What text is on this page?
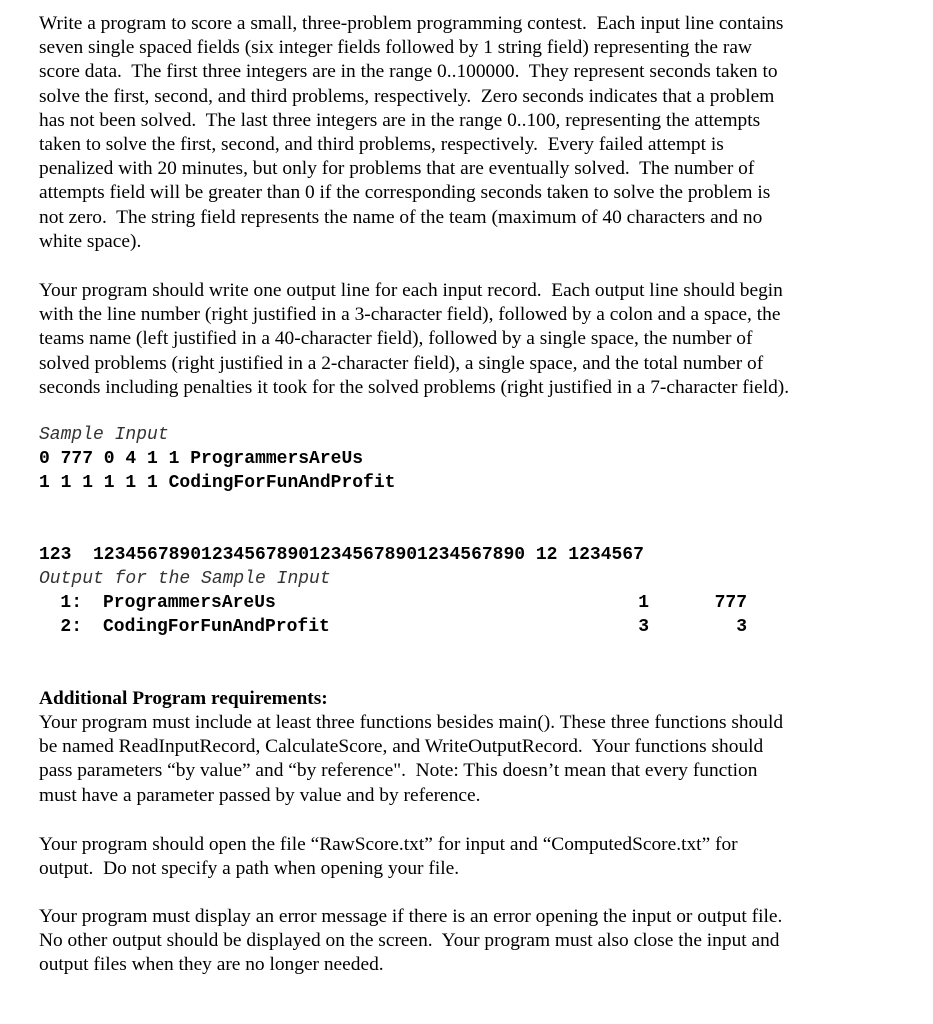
Write a program to score a small, three-problem programming contest.  Each input line contains
seven single spaced fields (six integer fields followed by 1 string field) representing the raw
score data.  The first three integers are in the range 0..100000.  They represent seconds taken to
solve the first, second, and third problems, respectively.  Zero seconds indicates that a problem
has not been solved.  The last three integers are in the range 0..100, representing the attempts
taken to solve the first, second, and third problems, respectively.  Every failed attempt is
penalized with 20 minutes, but only for problems that are eventually solved.  The number of
attempts field will be greater than 0 if the corresponding seconds taken to solve the problem is
not zero.  The string field represents the name of the team (maximum of 40 characters and no
white space).

Your program should write one output line for each input record.  Each output line should begin
with the line number (right justified in a 3-character field), followed by a colon and a space, the
teams name (left justified in a 40-character field), followed by a single space, the number of
solved problems (right justified in a 2-character field), a single space, and the total number of
seconds including penalties it took for the solved problems (right justified in a 7-character field).

Sample Input
0 777 0 4 1 1 ProgrammersAreUs
1 1 1 1 1 1 CodingForFunAndProfit
123  1234567890123456789012345678901234567890 12 1234567
Output for the Sample Input
1: ProgrammersAreUs	1	777
2: CodingForFunAndProfit	3	3
Additional Program requirements:

Your program must include at least three functions besides main(). These three functions should
be named ReadInputRecord, CalculateScore, and WriteOutputRecord.  Your functions should
pass parameters “by value” and “by reference".  Note: This doesn’t mean that every function
must have a parameter passed by value and by reference.

Your program should open the file “RawScore.txt” for input and “ComputedScore.txt” for
output.  Do not specify a path when opening your file.

Your program must display an error message if there is an error opening the input or output file.
No other output should be displayed on the screen.  Your program must also close the input and
output files when they are no longer needed.
